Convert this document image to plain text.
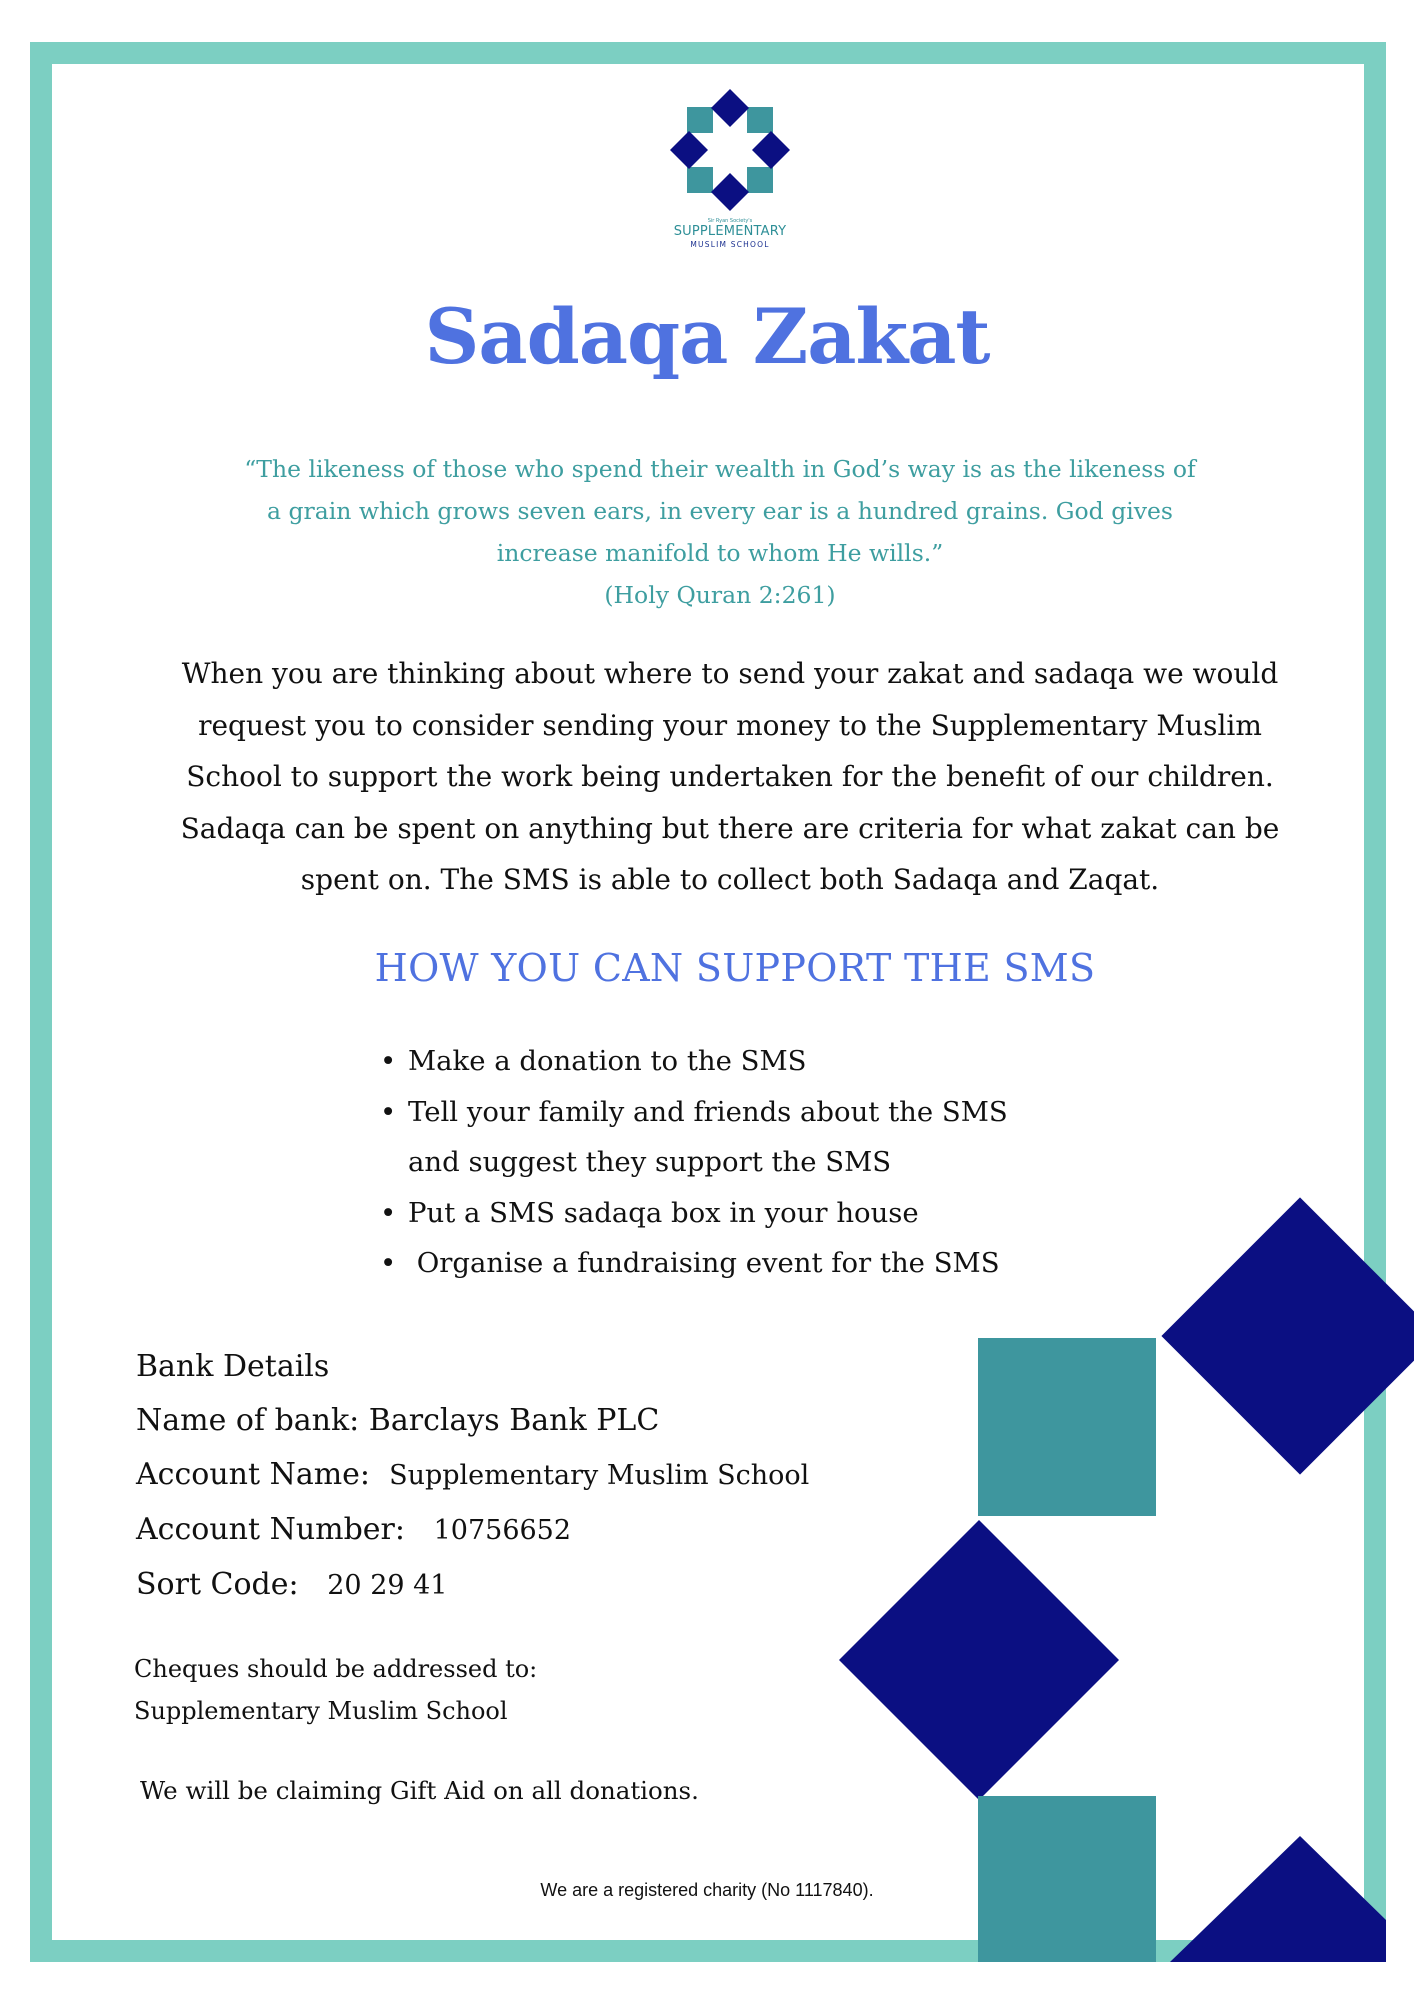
Sir Ryan Society's
SUPPLEMENTARY
MUSLIM SCHOOL
Sadaqa Zakat
“The likeness of those who spend their wealth in God’s way is as the likeness of
a grain which grows seven ears, in every ear is a hundred grains. God gives
increase manifold to whom He wills.”
(Holy Quran 2:261)
When you are thinking about where to send your zakat and sadaqa we would
request you to consider sending your money to the Supplementary Muslim
School to support the work being undertaken for the benefit of our children.
Sadaqa can be spent on anything but there are criteria for what zakat can be
spent on. The SMS is able to collect both Sadaqa and Zaqat.
HOW YOU CAN SUPPORT THE SMS
• Make a donation to the SMS
• Tell your family and friends about the SMS
and suggest they support the SMS
• Put a SMS sadaqa box in your house
• Organise a fundraising event for the SMS
Bank Details
Name of bank: Barclays Bank PLC
Account Name: Supplementary Muslim School
Account Number: 10756652
Sort Code: 20 29 41
Cheques should be addressed to:
Supplementary Muslim School
We will be claiming Gift Aid on all donations.
We are a registered charity (No 1117840).
